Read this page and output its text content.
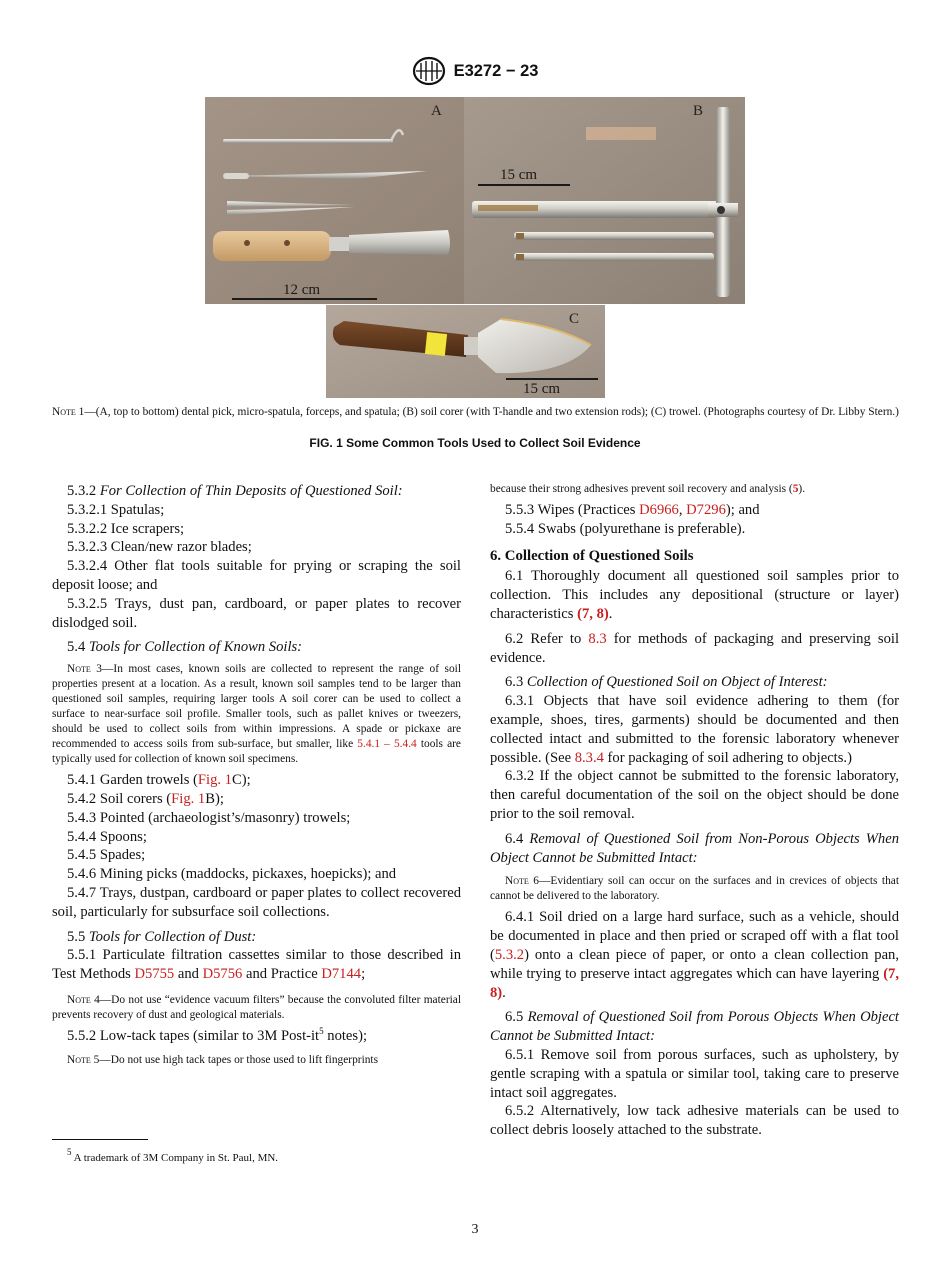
E3272 − 23
A
12 cm
B
15 cm
C
15 cm
Note 1—(A, top to bottom) dental pick, micro-spatula, forceps, and spatula; (B) soil corer (with T-handle and two extension rods); (C) trowel. (Photographs courtesy of Dr. Libby Stern.)
FIG. 1 Some Common Tools Used to Collect Soil Evidence

5.3.2 For Collection of Thin Deposits of Questioned Soil:

5.3.2.1 Spatulas;

5.3.2.2 Ice scrapers;

5.3.2.3 Clean/new razor blades;

5.3.2.4 Other flat tools suitable for prying or scraping the soil deposit loose; and

5.3.2.5 Trays, dust pan, cardboard, or paper plates to recover dislodged soil.

5.4 Tools for Collection of Known Soils:

Note 3—In most cases, known soils are collected to represent the range of soil properties present at a location. As a result, known soil samples tend to be larger than questioned soil samples, requiring larger tools A soil corer can be used to collect a surface to near-surface soil profile. Smaller tools, such as pallet knives or tweezers, should be used to collect soils from within impressions. A spade or pickaxe are recommended to access soils from sub-surface, but smaller, like 5.4.1 – 5.4.4 tools are typically used for collection of known soil specimens.

5.4.1 Garden trowels (Fig. 1C);

5.4.2 Soil corers (Fig. 1B);

5.4.3 Pointed (archaeologist’s/masonry) trowels;

5.4.4 Spoons;

5.4.5 Spades;

5.4.6 Mining picks (maddocks, pickaxes, hoepicks); and

5.4.7 Trays, dustpan, cardboard or paper plates to collect recovered soil, particularly for subsurface soil collections.

5.5 Tools for Collection of Dust:

5.5.1 Particulate filtration cassettes similar to those described in Test Methods D5755 and D5756 and Practice D7144;

Note 4—Do not use “evidence vacuum filters” because the convoluted filter material prevents recovery of dust and geological materials.

5.5.2 Low-tack tapes (similar to 3M Post-$it^5$ notes);

Note 5—Do not use high tack tapes or those used to lift fingerprints
because their strong adhesives prevent soil recovery and analysis (5).

5.5.3 Wipes (Practices D6966, D7296); and

5.5.4 Swabs (polyurethane is preferable).

6. Collection of Questioned Soils

6.1 Thoroughly document all questioned soil samples prior to collection. This includes any depositional (structure or layer) characteristics (7, 8).

6.2 Refer to 8.3 for methods of packaging and preserving soil evidence.

6.3 Collection of Questioned Soil on Object of Interest:

6.3.1 Objects that have soil evidence adhering to them (for example, shoes, tires, garments) should be documented and then collected intact and submitted to the forensic laboratory whenever possible. (See 8.3.4 for packaging of soil adhering to objects.)

6.3.2 If the object cannot be submitted to the forensic laboratory, then careful documentation of the soil on the object should be done prior to the soil removal.

6.4 Removal of Questioned Soil from Non-Porous Objects When Object Cannot be Submitted Intact:

Note 6—Evidentiary soil can occur on the surfaces and in crevices of objects that cannot be delivered to the laboratory.

6.4.1 Soil dried on a large hard surface, such as a vehicle, should be documented in place and then pried or scraped off with a flat tool (5.3.2) onto a clean piece of paper, or onto a clean collection pan, while trying to preserve intact aggregates which can have layering (7, 8).

6.5 Removal of Questioned Soil from Porous Objects When Object Cannot be Submitted Intact:

6.5.1 Remove soil from porous surfaces, such as upholstery, by gentle scraping with a spatula or similar tool, taking care to preserve intact soil aggregates.

6.5.2 Alternatively, low tack adhesive materials can be used to collect debris loosely attached to the substrate.

$^5$ A trademark of 3M Company in St. Paul, MN.
3
